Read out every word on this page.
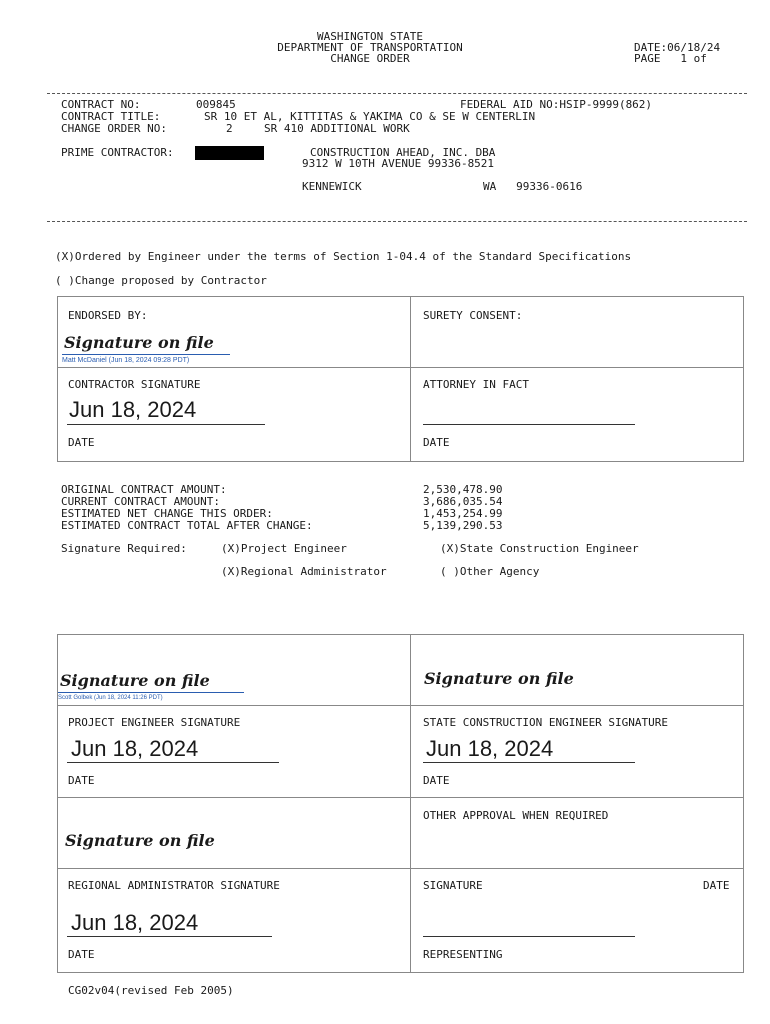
WASHINGTON STATE
DEPARTMENT OF TRANSPORTATION
CHANGE ORDER
DATE:06/18/24
PAGE   1 of
CONTRACT NO:	009845	FEDERAL AID NO:HSIP-9999(862)
CONTRACT TITLE:	SR 10 ET AL, KITTITAS & YAKIMA CO & SE W CENTERLIN
CHANGE ORDER NO:	2	SR 410 ADDITIONAL WORK
PRIME CONTRACTOR:	CONSTRUCTION AHEAD, INC. DBA
9312 W 10TH AVENUE 99336-8521
KENNEWICK	WA   99336-0616
(X)Ordered by Engineer under the terms of Section 1-04.4 of the Standard Specifications
( )Change proposed by Contractor
ENDORSED BY:	SURETY CONSENT:
Signature on file
Matt McDaniel (Jun 18, 2024 09:28 PDT)
CONTRACTOR SIGNATURE	ATTORNEY IN FACT
Jun 18, 2024
DATE	DATE
ORIGINAL CONTRACT AMOUNT:	2,530,478.90
CURRENT CONTRACT AMOUNT:	3,686,035.54
ESTIMATED NET CHANGE THIS ORDER:	1,453,254.99
ESTIMATED CONTRACT TOTAL AFTER CHANGE:	5,139,290.53
Signature Required:	(X)Project Engineer	(X)State Construction Engineer
(X)Regional Administrator	( )Other Agency
Signature on file
Scott Golbek (Jun 18, 2024 11:26 PDT)
Signature on file
PROJECT ENGINEER SIGNATURE	STATE CONSTRUCTION ENGINEER SIGNATURE
Jun 18, 2024	Jun 18, 2024
DATE	DATE
OTHER APPROVAL WHEN REQUIRED
Signature on file
REGIONAL ADMINISTRATOR SIGNATURE	SIGNATURE	DATE
Jun 18, 2024
DATE	REPRESENTING
CG02v04(revised Feb 2005)
